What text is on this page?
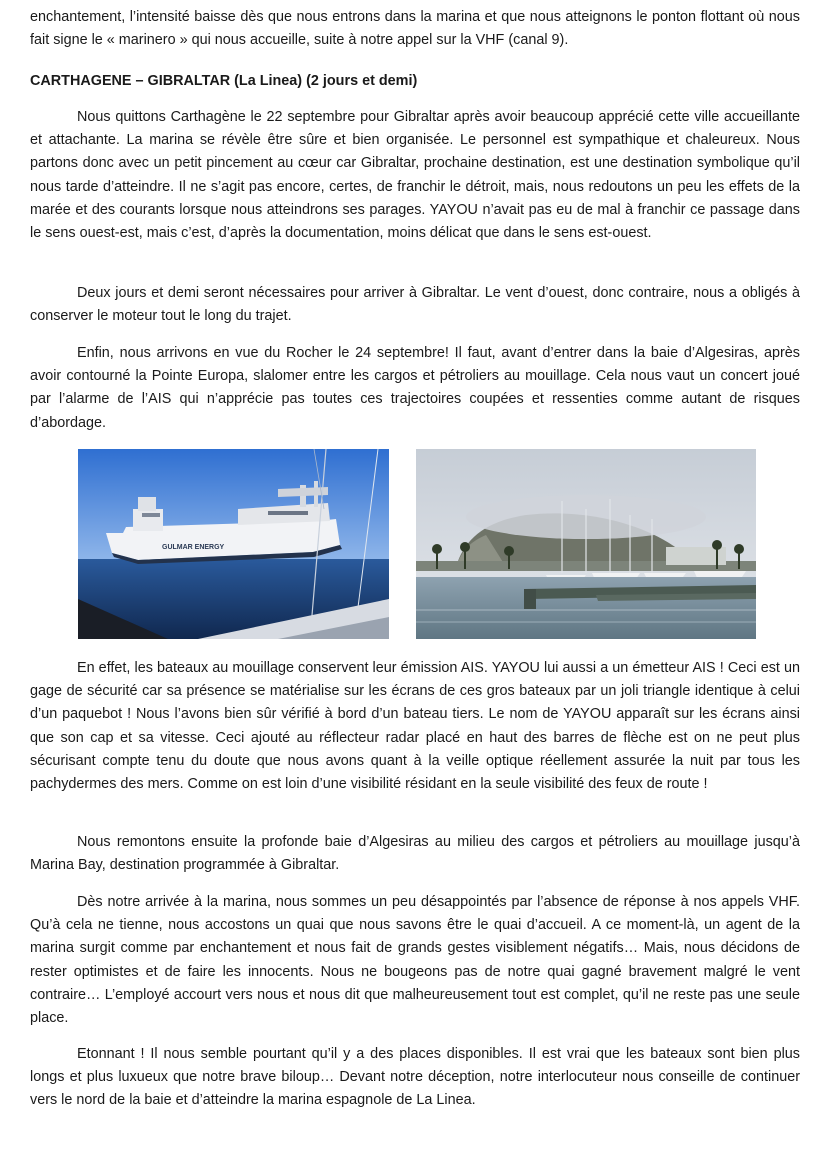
enchantement, l’intensité baisse dès que nous entrons dans la marina et que nous atteignons le ponton flottant où nous fait signe le « marinero » qui nous accueille, suite à notre appel sur la VHF (canal 9).

CARTHAGENE – GIBRALTAR (La Linea) (2 jours et demi)

Nous quittons Carthagène le 22 septembre pour Gibraltar après avoir beaucoup apprécié cette ville accueillante et attachante. La marina se révèle être sûre et bien organisée. Le personnel est sympathique et chaleureux. Nous partons donc avec un petit pincement au cœur car Gibraltar, prochaine destination, est une destination symbolique qu’il nous tarde d’atteindre. Il ne s’agit pas encore, certes, de franchir le détroit, mais, nous redoutons un peu les effets de la marée et des courants lorsque nous atteindrons ses parages. YAYOU n’avait pas eu de mal à franchir ce passage dans le sens ouest-est, mais c’est, d’après la documentation, moins délicat que dans le sens est-ouest.

Deux jours et demi seront nécessaires pour arriver à Gibraltar. Le vent d’ouest, donc contraire, nous a obligés à conserver le moteur tout le long du trajet.

Enfin, nous arrivons en vue du Rocher le 24 septembre! Il faut, avant d’entrer dans la baie d’Algesiras, après avoir contourné la Pointe Europa, slalomer entre les cargos et pétroliers au mouillage. Cela nous vaut un concert joué par l’alarme de l’AIS qui n’apprécie pas toutes ces trajectoires coupées et ressenties comme autant de risques d’abordage.

En effet, les bateaux au mouillage conservent leur émission AIS. YAYOU lui aussi a un émetteur AIS ! Ceci est un gage de sécurité car sa présence se matérialise sur les écrans de ces gros bateaux par un joli triangle identique à celui d’un paquebot ! Nous l’avons bien sûr vérifié à bord d’un bateau tiers. Le nom de YAYOU apparaît sur les écrans ainsi que son cap et sa vitesse. Ceci ajouté au réflecteur radar placé en haut des barres de flèche est on ne peut plus sécurisant compte tenu du doute que nous avons quant à la veille optique réellement assurée la nuit par tous les pachydermes des mers. Comme on est loin d’une visibilité résidant en la seule visibilité des feux de route !

Nous remontons ensuite la profonde baie d’Algesiras au milieu des cargos et pétroliers au mouillage jusqu’à Marina Bay, destination programmée à Gibraltar.

Dès notre arrivée à la marina, nous sommes un peu désappointés par l’absence de réponse à nos appels VHF. Qu’à cela ne tienne, nous accostons un quai que nous savons être le quai d’accueil. A ce moment-là, un agent de la marina surgit comme par enchantement et nous fait de grands gestes visiblement négatifs… Mais, nous décidons de rester optimistes et de faire les innocents. Nous ne bougeons pas de notre quai gagné bravement malgré le vent contraire… L’employé accourt vers nous et nous dit que malheureusement tout est complet, qu’il ne reste pas une seule place.

Etonnant ! Il nous semble pourtant qu’il y a des places disponibles. Il est vrai que les bateaux sont bien plus longs et plus luxueux que notre brave biloup… Devant notre déception, notre interlocuteur nous conseille de continuer vers le nord de la baie et d’atteindre la marina espagnole de La Linea.

GULMAR ENERGY
